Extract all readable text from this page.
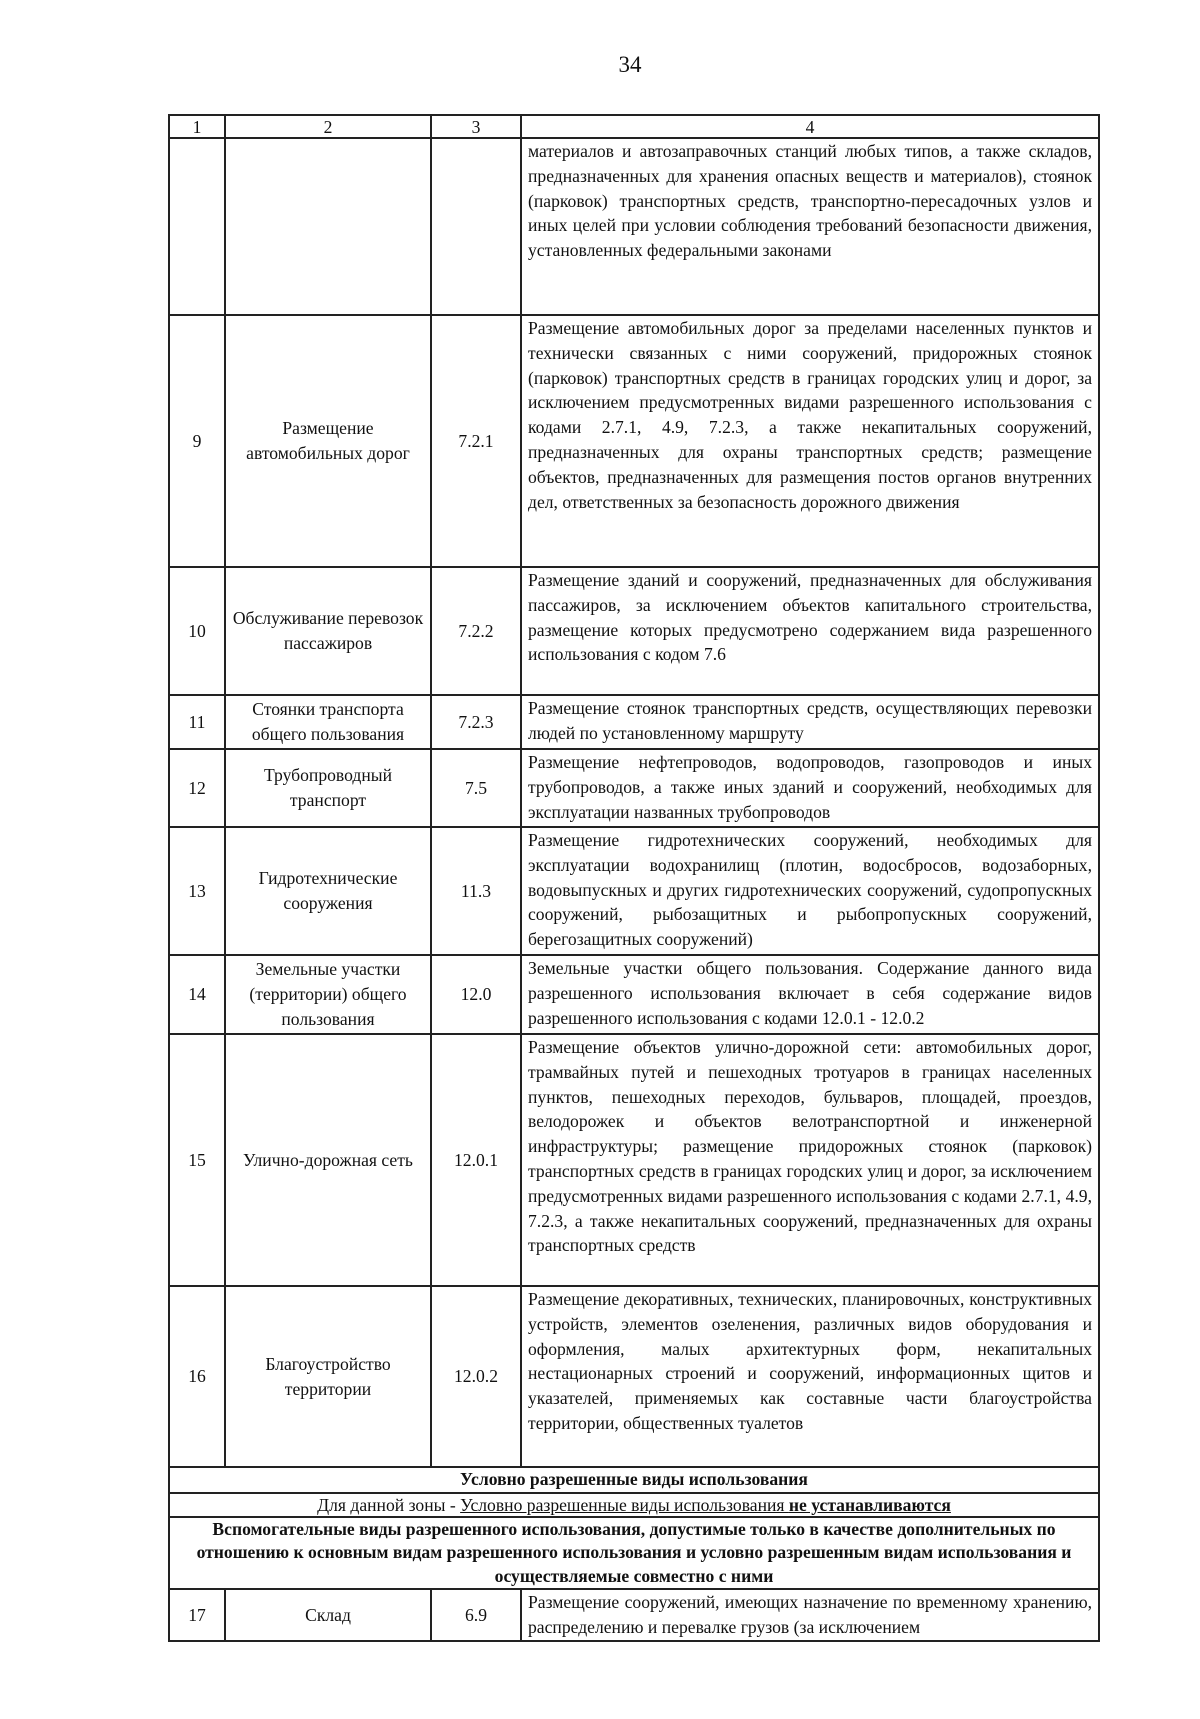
34
1	2	3	4
			материалов и автозаправочных станций любых типов, а также складов, предназначенных для хранения опасных веществ и материалов), стоянок (парковок) транспортных средств, транспортно-пересадочных узлов и иных целей при условии соблюдения требований безопасности движения, установленных федеральными законами
9	Размещение автомобильных дорог	7.2.1	Размещение автомобильных дорог за пределами населенных пунктов и технически связанных с ними сооружений, придорожных стоянок (парковок) транспортных средств в границах городских улиц и дорог, за исключением предусмотренных видами разрешенного использования с кодами 2.7.1, 4.9, 7.2.3, а также некапитальных сооружений, предназначенных для охраны транспортных средств; размещение объектов, предназначенных для размещения постов органов внутренних дел, ответственных за безопасность дорожного движения
10	Обслуживание перевозок пассажиров	7.2.2	Размещение зданий и сооружений, предназначенных для обслуживания пассажиров, за исключением объектов капитального строительства, размещение которых предусмотрено содержанием вида разрешенного использования с кодом 7.6
11	Стоянки транспорта общего пользования	7.2.3	Размещение стоянок транспортных средств, осуществляющих перевозки людей по установленному маршруту
12	Трубопроводный транспорт	7.5	Размещение нефтепроводов, водопроводов, газопроводов и иных трубопроводов, а также иных зданий и сооружений, необходимых для эксплуатации названных трубопроводов
13	Гидротехнические сооружения	11.3	Размещение гидротехнических сооружений, необходимых для эксплуатации водохранилищ (плотин, водосбросов, водозаборных, водовыпускных и других гидротехнических сооружений, судопропускных сооружений, рыбозащитных и рыбопропускных сооружений, берегозащитных сооружений)
14	Земельные участки (территории) общего пользования	12.0	Земельные участки общего пользования. Содержание данного вида разрешенного использования включает в себя содержание видов разрешенного использования с кодами 12.0.1 - 12.0.2
15	Улично-дорожная сеть	12.0.1	Размещение объектов улично-дорожной сети: автомобильных дорог, трамвайных путей и пешеходных тротуаров в границах населенных пунктов, пешеходных переходов, бульваров, площадей, проездов, велодорожек и объектов велотранспортной и инженерной инфраструктуры; размещение придорожных стоянок (парковок) транспортных средств в границах городских улиц и дорог, за исключением предусмотренных видами разрешенного использования с кодами 2.7.1, 4.9, 7.2.3, а также некапитальных сооружений, предназначенных для охраны транспортных средств
16	Благоустройство территории	12.0.2	Размещение декоративных, технических, планировочных, конструктивных устройств, элементов озеленения, различных видов оборудования и оформления, малых архитектурных форм, некапитальных нестационарных строений и сооружений, информационных щитов и указателей, применяемых как составные части благоустройства территории, общественных туалетов
Условно разрешенные виды использования			
Для данной зоны - Условно разрешенные виды использования не устанавливаются			
Вспомогательные виды разрешенного использования, допустимые только в качестве дополнительных по отношению к основным видам разрешенного использования и условно разрешенным видам использования и осуществляемые совместно с ними			
17	Склад	6.9	Размещение сооружений, имеющих назначение по временному хранению, распределению и перевалке грузов (за исключением
